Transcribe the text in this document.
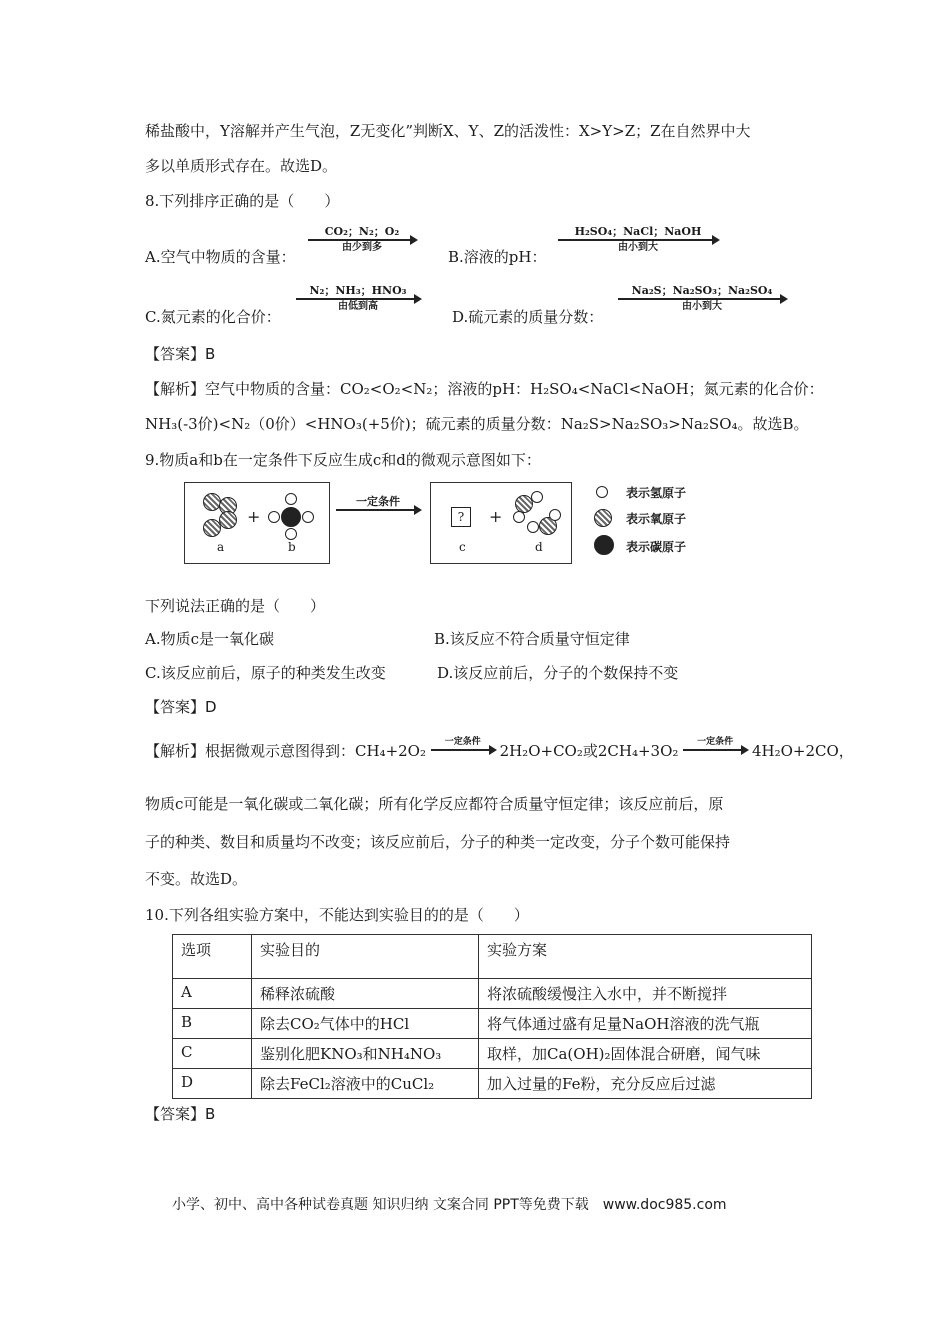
稀盐酸中，Y溶解并产生气泡，Z无变化”判断X、Y、Z的活泼性：X>Y>Z；Z在自然界中大
多以单质形式存在。故选D。
8.下列排序正确的是（　　）
A.空气中物质的含量：
CO₂；N₂；O₂
由少到多
B.溶液的pH：
H₂SO₄；NaCl；NaOH
由小到大
C.氮元素的化合价：
N₂；NH₃；HNO₃
由低到高
D.硫元素的质量分数：
Na₂S；Na₂SO₃；Na₂SO₄
由小到大
【答案】B
【解析】空气中物质的含量：CO₂<O₂<N₂；溶液的pH：H₂SO₄<NaCl<NaOH；氮元素的化合价：
NH₃(-3价)<N₂（0价）<HNO₃(+5价)；硫元素的质量分数：Na₂S>Na₂SO₃>Na₂SO₄。故选B。
9.物质a和b在一定条件下反应生成c和d的微观示意图如下：
a
+
b
一定条件
?
c
+
d
表示氢原子
表示氧原子
表示碳原子
下列说法正确的是（　　）
A.物质c是一氧化碳	B.该反应不符合质量守恒定律
C.该反应前后，原子的种类发生改变	D.该反应前后，分子的个数保持不变
【答案】D
【解析】根据微观示意图得到：CH₄+2O₂	一定条件	2H₂O+CO₂或2CH₄+3O₂	一定条件	4H₂O+2CO，
物质c可能是一氧化碳或二氧化碳；所有化学反应都符合质量守恒定律；该反应前后，原
子的种类、数目和质量均不改变；该反应前后，分子的种类一定改变，分子个数可能保持
不变。故选D。
10.下列各组实验方案中，不能达到实验目的的是（　　）
选项	实验目的	实验方案
A	稀释浓硫酸	将浓硫酸缓慢注入水中，并不断搅拌
B	除去CO₂气体中的HCl	将气体通过盛有足量NaOH溶液的洗气瓶
C	鉴别化肥KNO₃和NH₄NO₃	取样，加Ca(OH)₂固体混合研磨，闻气味
D	除去FeCl₂溶液中的CuCl₂	加入过量的Fe粉，充分反应后过滤
【答案】B
小学、初中、高中各种试卷真题 知识归纳 文案合同 PPT等免费下载　www.doc985.com
